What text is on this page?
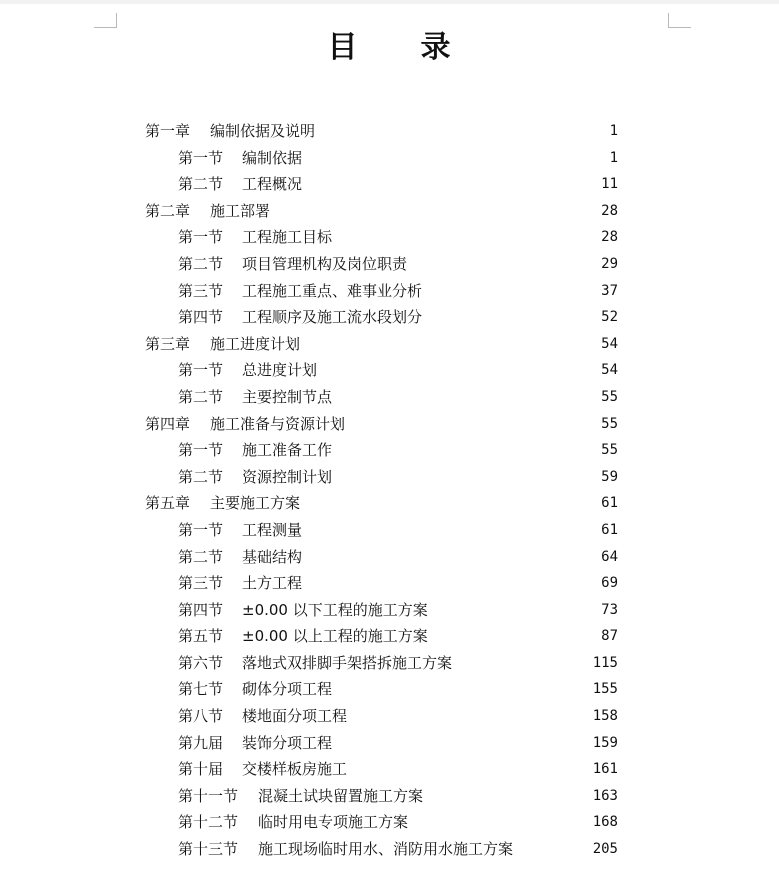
目　　录
第一章 编制依据及说明	1
第一节 编制依据	1
第二节 工程概况	11
第二章 施工部署	28
第一节 工程施工目标	28
第二节 项目管理机构及岗位职责	29
第三节 工程施工重点、难事业分析	37
第四节 工程顺序及施工流水段划分	52
第三章 施工进度计划	54
第一节 总进度计划	54
第二节 主要控制节点	55
第四章 施工准备与资源计划	55
第一节 施工准备工作	55
第二节 资源控制计划	59
第五章 主要施工方案	61
第一节 工程测量	61
第二节 基础结构	64
第三节 土方工程	69
第四节 ±0.00 以下工程的施工方案	73
第五节 ±0.00 以上工程的施工方案	87
第六节 落地式双排脚手架搭拆施工方案	115
第七节 砌体分项工程	155
第八节 楼地面分项工程	158
第九届 装饰分项工程	159
第十届 交楼样板房施工	161
第十一节 混凝土试块留置施工方案	163
第十二节 临时用电专项施工方案	168
第十三节 施工现场临时用水、消防用水施工方案	205
